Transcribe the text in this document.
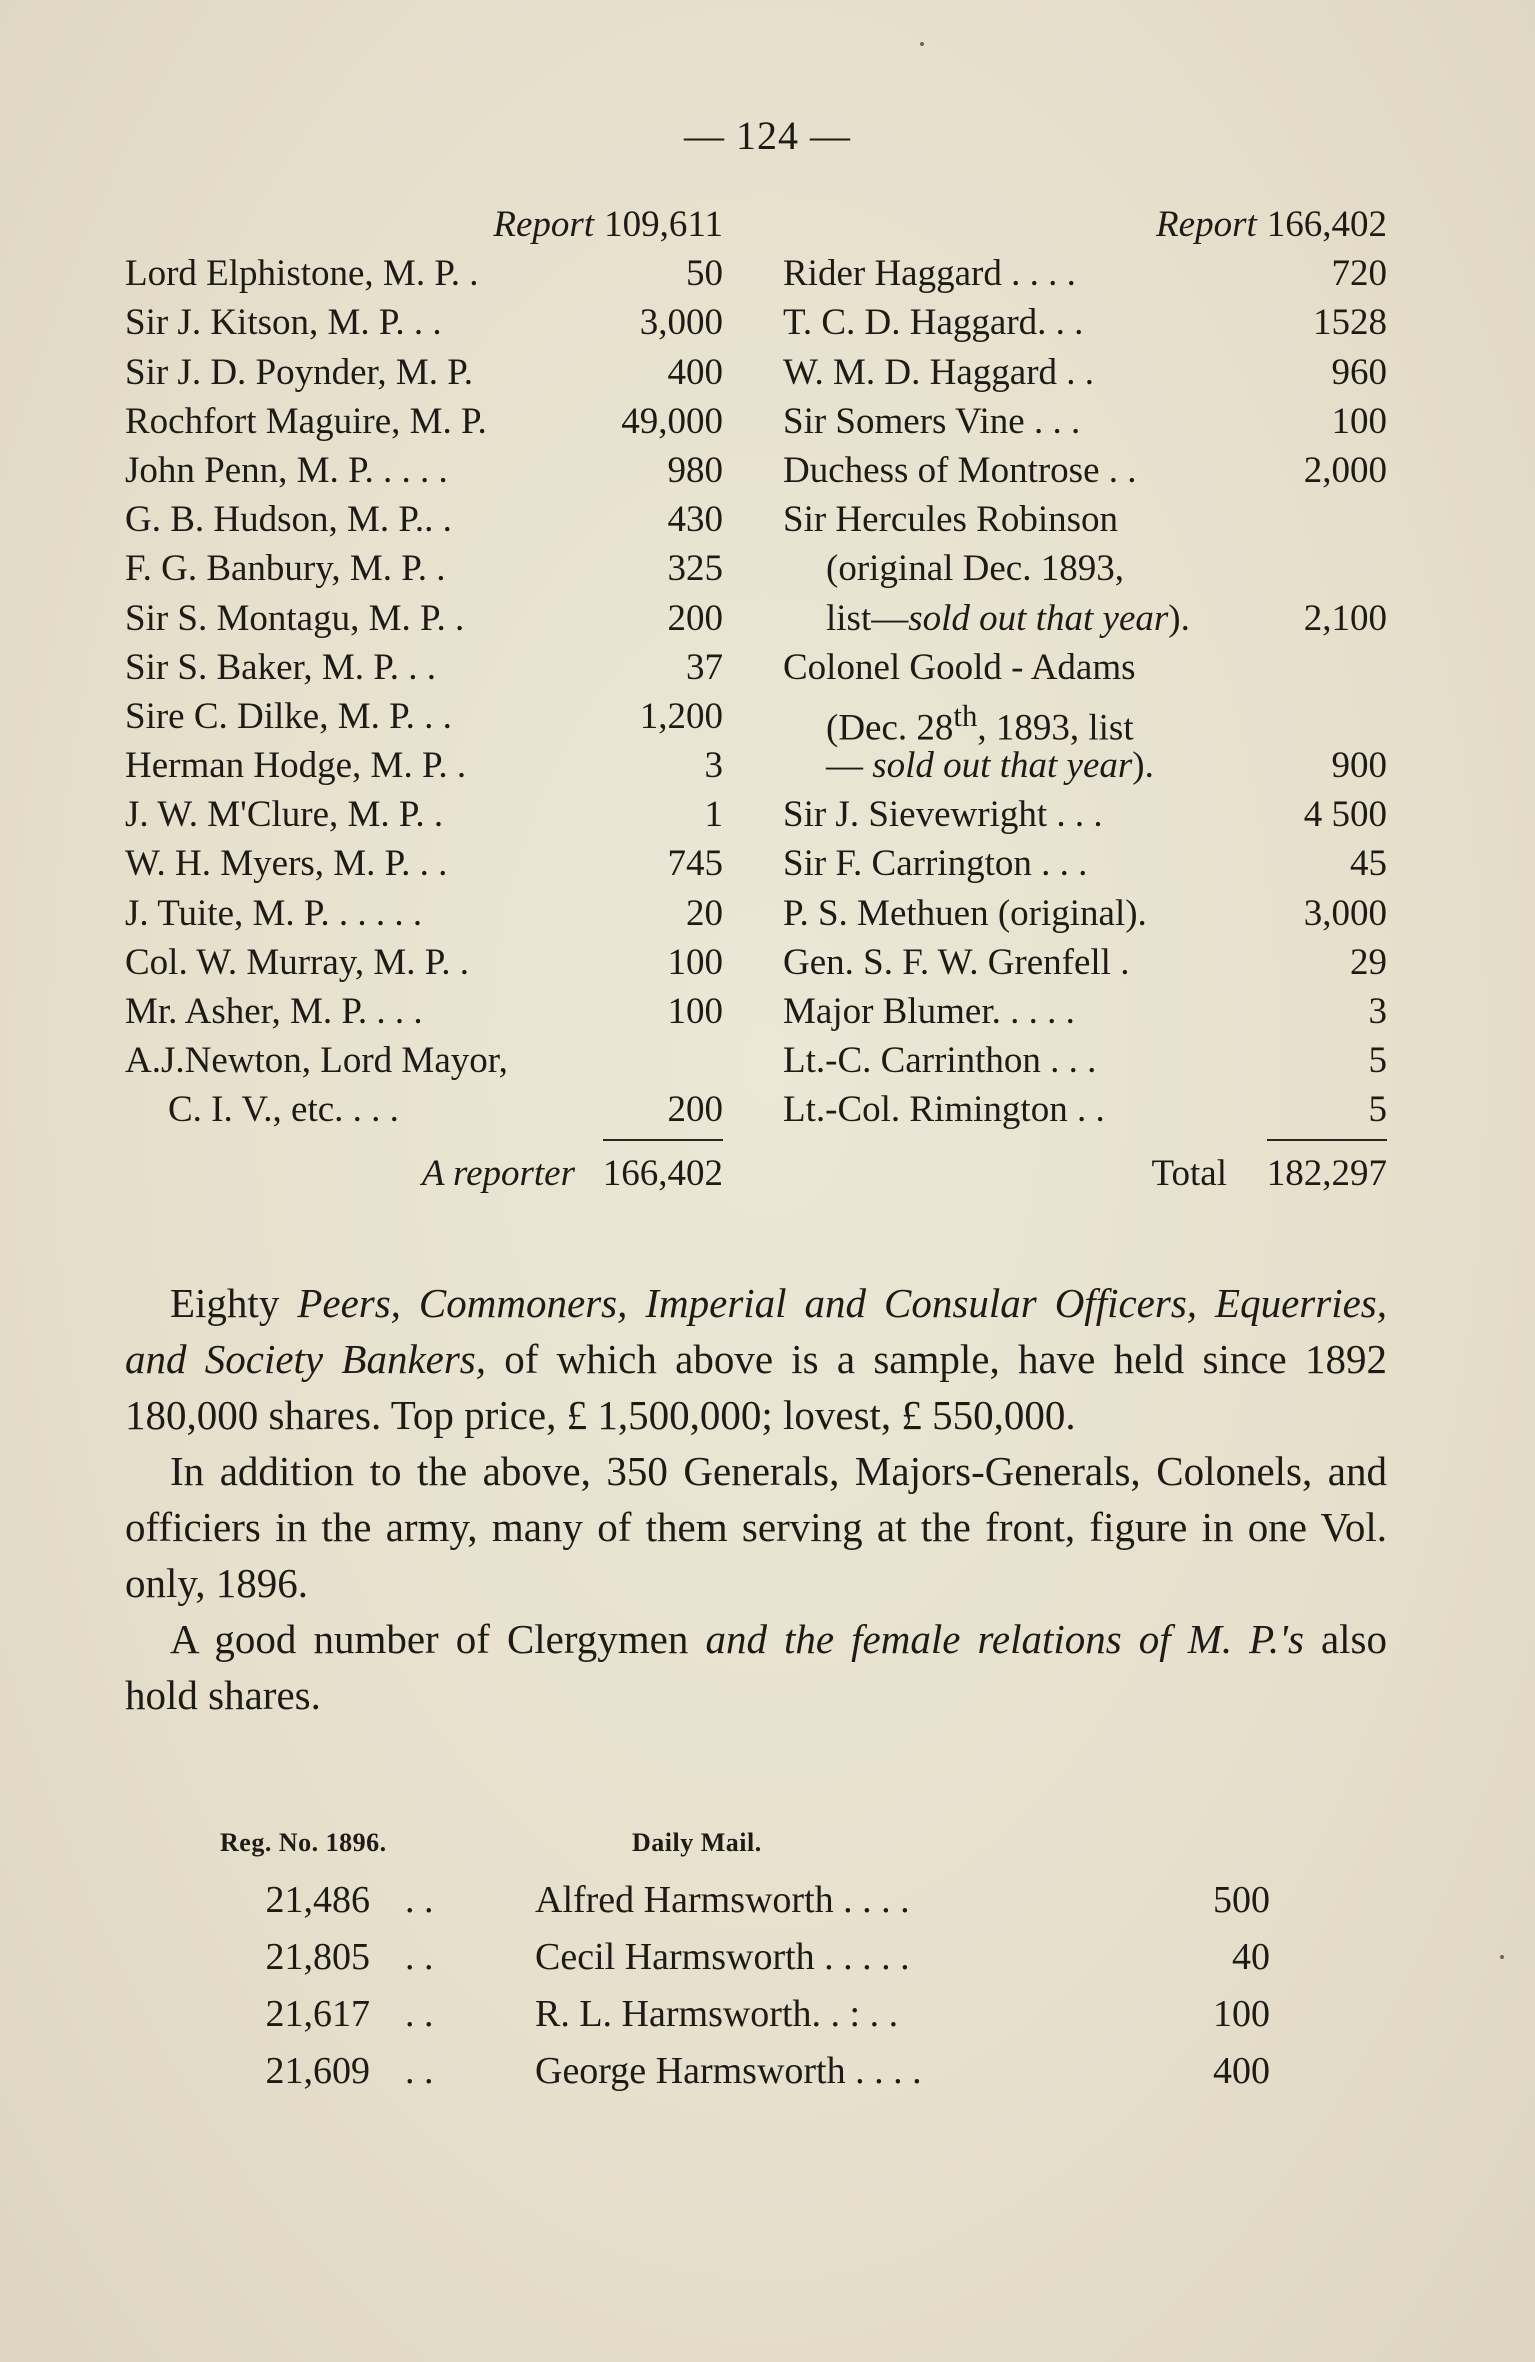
— 124 —
Report 109,611
Lord Elphistone, M. P. .	50
Sir J. Kitson, M. P. . .	3,000
Sir J. D. Poynder, M. P.	400
Rochfort Maguire, M. P.	49,000
John Penn, M. P. . . . .	980
G. B. Hudson, M. P.. .	430
F. G. Banbury, M. P. .	325
Sir S. Montagu, M. P. .	200
Sir S. Baker, M. P. . .	37
Sire C. Dilke, M. P. . .	1,200
Herman Hodge, M. P. .	3
J. W. M'Clure, M. P. .	1
W. H. Myers, M. P. . .	745
J. Tuite, M. P. . . . . .	20
Col. W. Murray, M. P. .	100
Mr. Asher, M. P. . . .	100
A.J.Newton, Lord Mayor,
C. I. V., etc. . . .	200
A reporter 166,402
Report 166,402
Rider Haggard . . . .	720
T. C. D. Haggard. . .	1528
W. M. D. Haggard . .	960
Sir Somers Vine . . .	100
Duchess of Montrose . .	2,000
Sir Hercules Robinson
(original Dec. 1893,
list—sold out that year).	2,100
Colonel Goold - Adams
(Dec. 28th, 1893, list
— sold out that year).	900
Sir J. Sievewright . . .	4 500
Sir F. Carrington . . .	45
P. S. Methuen (original).	3,000
Gen. S. F. W. Grenfell .	29
Major Blumer. . . . .	3
Lt.-C. Carrinthon . . .	5
Lt.-Col. Rimington . .	5
Total 182,297

Eighty Peers, Commoners, Imperial and Consular Officers, Equerries, and Society Bankers, of which above is a sample, have held since 1892 180,000 shares. Top price, £ 1,500,000; lovest, £ 550,000.

In addition to the above, 350 Generals, Majors-Generals, Colonels, and officiers in the army, many of them serving at the front, figure in one Vol. only, 1896.

A good number of Clergymen and the female relations of M. P.'s also hold shares.

Reg. No. 1896.	Daily Mail.
21,486 . .	Alfred Harmsworth . . . .	500
21,805 . .	Cecil Harmsworth . . . . .	40
21,617 . .	R. L. Harmsworth. . : . .	100
21,609 . .	George Harmsworth . . . .	400
